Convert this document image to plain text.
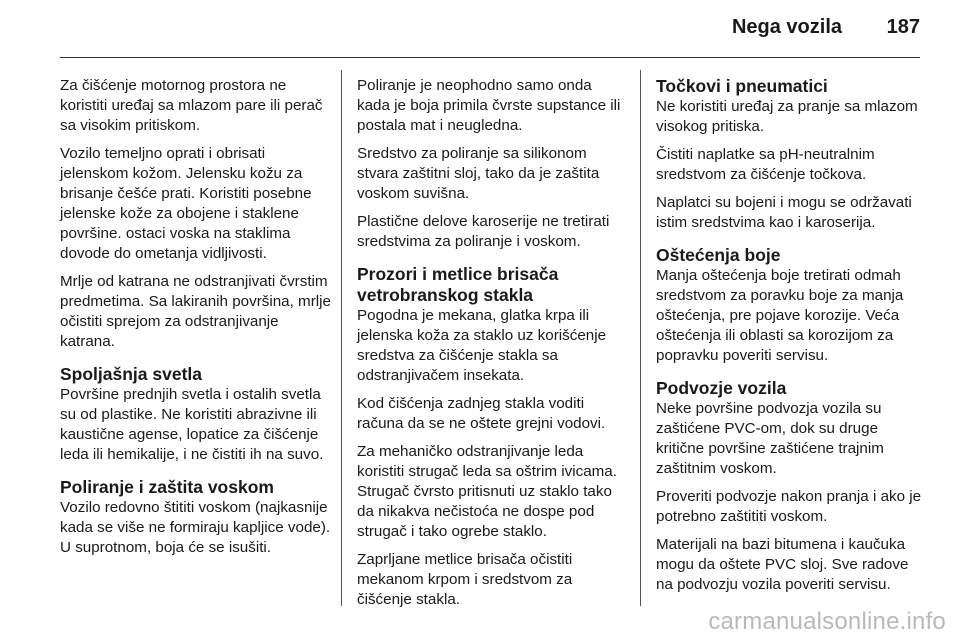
Nega vozila 187

Za čišćenje motornog prostora ne koristiti uređaj sa mlazom pare ili perač sa visokim pritiskom.

Vozilo temeljno oprati i obrisati jelenskom kožom. Jelensku kožu za brisanje češće prati. Koristiti posebne jelenske kože za obojene i staklene površine. ostaci voska na staklima dovode do ometanja vidljivosti.

Mrlje od katrana ne odstranjivati čvrstim predmetima. Sa lakiranih površina, mrlje očistiti sprejom za odstranjivanje katrana.

Spoljašnja svetla

Površine prednjih svetla i ostalih svetla su od plastike. Ne koristiti abrazivne ili kaustične agense, lopatice za čišćenje leda ili hemikalije, i ne čistiti ih na suvo.

Poliranje i zaštita voskom

Vozilo redovno štititi voskom (najkasnije kada se više ne formiraju kapljice vode). U suprotnom, boja će se isušiti.

Poliranje je neophodno samo onda kada je boja primila čvrste supstance ili postala mat i neugledna.

Sredstvo za poliranje sa silikonom stvara zaštitni sloj, tako da je zaštita voskom suvišna.

Plastične delove karoserije ne tretirati sredstvima za poliranje i voskom.

Prozori i metlice brisača vetrobranskog stakla

Pogodna je mekana, glatka krpa ili jelenska koža za staklo uz korišćenje sredstva za čišćenje stakla sa odstranjivačem insekata.

Kod čišćenja zadnjeg stakla voditi računa da se ne oštete grejni vodovi.

Za mehaničko odstranjivanje leda koristiti strugač leda sa oštrim ivicama. Strugač čvrsto pritisnuti uz staklo tako da nikakva nečistoća ne dospe pod strugač i tako ogrebe staklo.

Zaprljane metlice brisača očistiti mekanom krpom i sredstvom za čišćenje stakla.

Točkovi i pneumatici

Ne koristiti uređaj za pranje sa mlazom visokog pritiska.

Čistiti naplatke sa pH-neutralnim sredstvom za čišćenje točkova.

Naplatci su bojeni i mogu se održavati istim sredstvima kao i karoserija.

Oštećenja boje

Manja oštećenja boje tretirati odmah sredstvom za poravku boje za manja oštećenja, pre pojave korozije. Veća oštećenja ili oblasti sa korozijom za popravku poveriti servisu.

Podvozje vozila

Neke površine podvozja vozila su zaštićene PVC-om, dok su druge kritične površine zaštićene trajnim zaštitnim voskom.

Proveriti podvozje nakon pranja i ako je potrebno zaštititi voskom.

Materijali na bazi bitumena i kaučuka mogu da oštete PVC sloj. Sve radove na podvozju vozila poveriti servisu.

carmanualsonline.info
